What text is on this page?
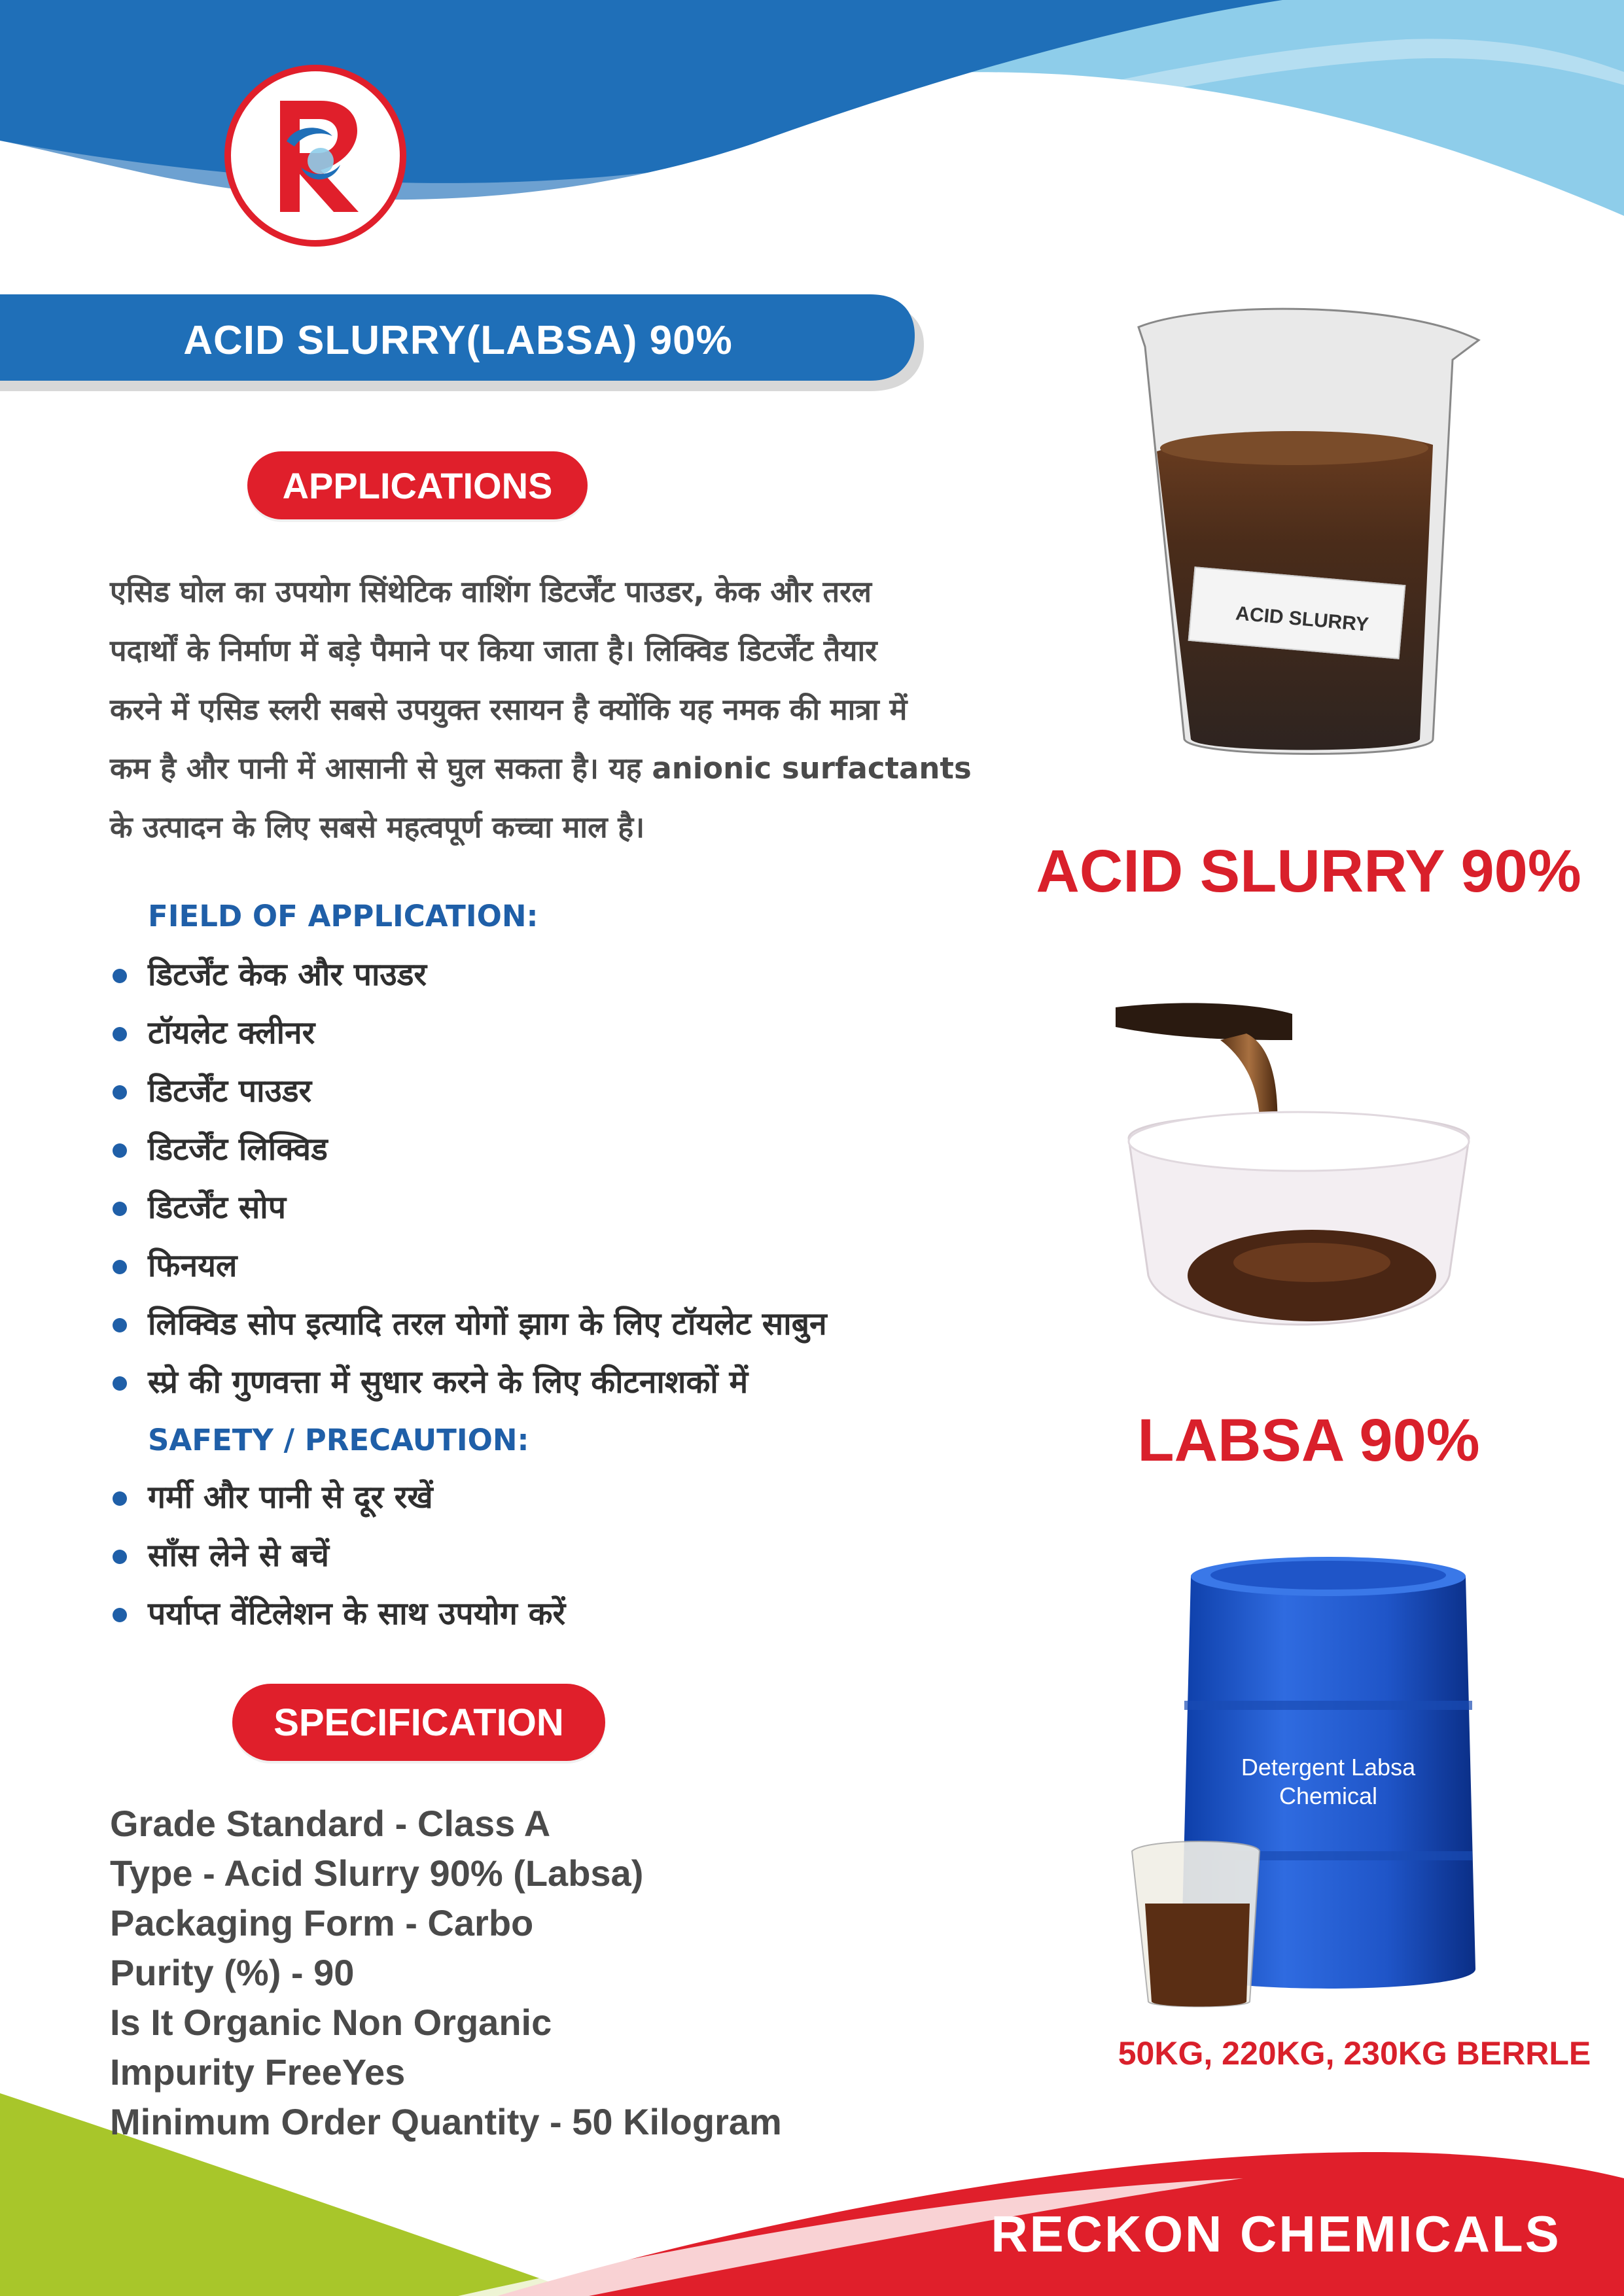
ACID SLURRY(LABSA) 90%
APPLICATIONS
एसिड घोल का उपयोग सिंथेटिक वाशिंग डिटर्जेंट पाउडर, केक और तरल
पदार्थों के निर्माण में बड़े पैमाने पर किया जाता है। लिक्विड डिटर्जेंट तैयार
करने में एसिड स्लरी सबसे उपयुक्त रसायन है क्योंकि यह नमक की मात्रा में
कम है और पानी में आसानी से घुल सकता है। यह anionic surfactants
के उत्पादन के लिए सबसे महत्वपूर्ण कच्चा माल है।
FIELD OF APPLICATION:
डिटर्जेंट केक और पाउडर
टॉयलेट क्लीनर
डिटर्जेंट पाउडर
डिटर्जेंट लिक्विड
डिटर्जेंट सोप
फिनयल
लिक्विड सोप इत्यादि तरल योगों झाग के लिए टॉयलेट साबुन
स्प्रे की गुणवत्ता में सुधार करने के लिए कीटनाशकों में
SAFETY / PRECAUTION:
गर्मी और पानी से दूर रखें
साँस लेने से बचें
पर्याप्त वेंटिलेशन के साथ उपयोग करें
SPECIFICATION
Grade Standard - Class A
Type - Acid Slurry 90% (Labsa)
Packaging Form - Carbo
Purity (%) - 90
Is It Organic Non Organic
Impurity FreeYes
Minimum Order Quantity - 50 Kilogram
ACID SLURRY
ACID SLURRY 90%
LABSA 90%
Detergent Labsa
Chemical
50KG, 220KG, 230KG BERRLE
RECKON CHEMICALS
